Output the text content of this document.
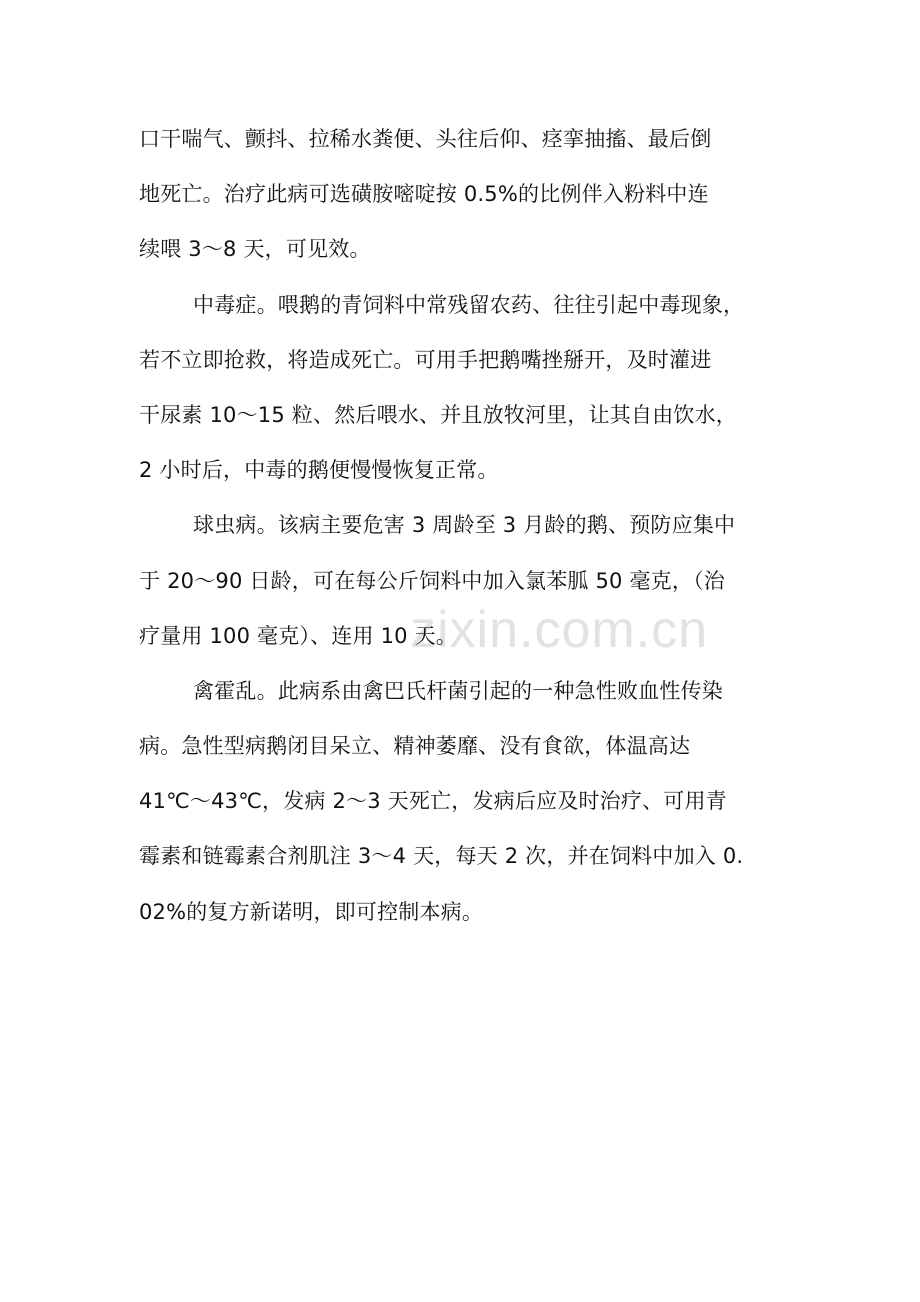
zixin.com.cn
口干喘气、颤抖、拉稀水粪便、头往后仰、痉挛抽搐、最后倒
地死亡。治疗此病可选磺胺嘧啶按 0.5%的比例伴入粉料中连
续喂 3～8 天，可见效。
中毒症。喂鹅的青饲料中常残留农药、往往引起中毒现象，
若不立即抢救，将造成死亡。可用手把鹅嘴挫掰开，及时灌进
干尿素 10～15 粒、然后喂水、并且放牧河里，让其自由饮水，
2 小时后，中毒的鹅便慢慢恢复正常。
球虫病。该病主要危害 3 周龄至 3 月龄的鹅、预防应集中
于 20～90 日龄，可在每公斤饲料中加入氯苯胍 50 毫克，（治
疗量用 100 毫克）、连用 10 天。
禽霍乱。此病系由禽巴氏杆菌引起的一种急性败血性传染
病。急性型病鹅闭目呆立、精神萎靡、没有食欲，体温高达
41℃～43℃，发病 2～3 天死亡，发病后应及时治疗、可用青
霉素和链霉素合剂肌注 3～4 天，每天 2 次，并在饲料中加入 0.
02%的复方新诺明，即可控制本病。
